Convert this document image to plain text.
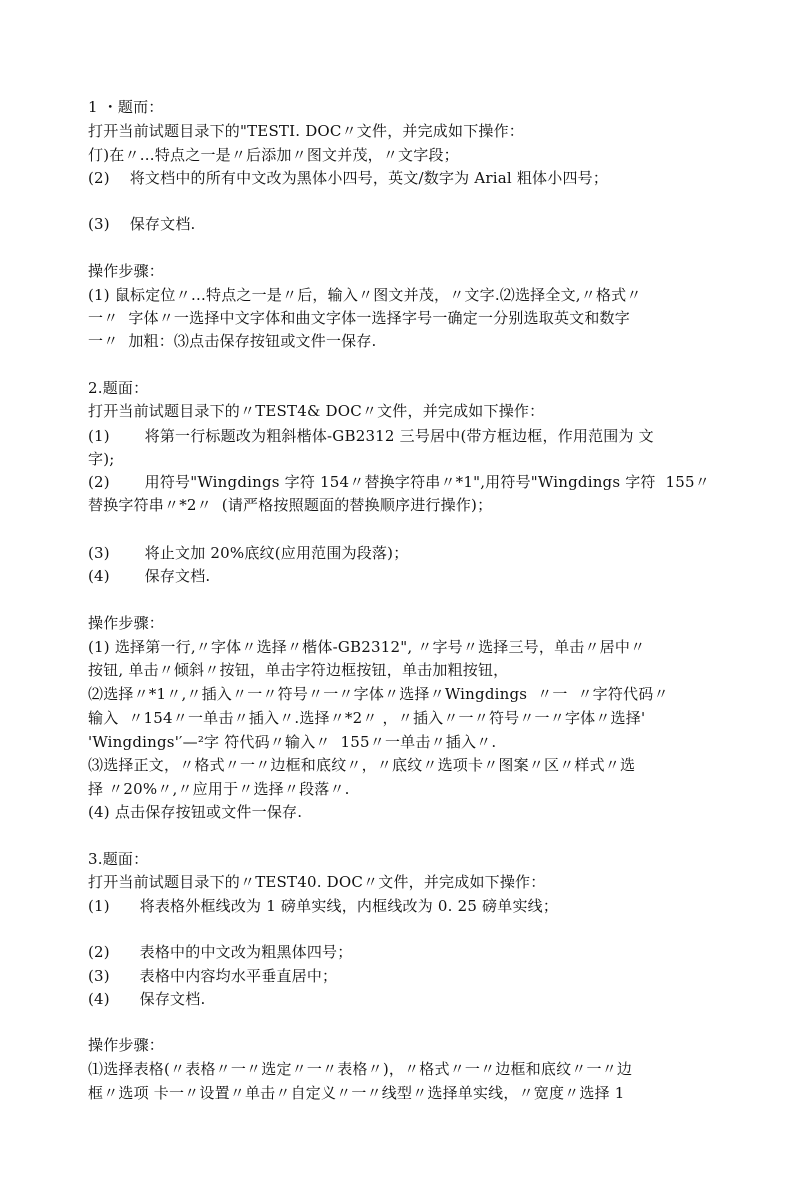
1 ・题而：
打开当前试题目录下的"TESTI. DOC〃文件，并完成如下操作：
仃)在〃…特点之一是〃后添加〃图文并茂，〃文字段；
(2)    将文档中的所有中文改为黑体小四号，英文/数字为 Arial 粗体小四号；
(3)    保存文档.
操作步骤：
(1) 鼠标定位〃…特点之一是〃后，输入〃图文并茂，〃文字.⑵选择全文,〃格式〃
一〃  字体〃一选择中文字体和曲文字体一选择字号一确定一分别选取英文和数字
一〃  加粗：⑶点击保存按钮或文件一保存.
2.题面：
打开当前试题目录下的〃TEST4& DOC〃文件，并完成如下操作：
(1)       将第一行标题改为粗斜楷体-GB2312 三号居中(带方框边框，作用范围为 文
字);
(2)       用符号"Wingdings 字符 154〃替换字符串〃*1",用符号"Wingdings 字符  155〃
替换字符串〃*2〃  (请严格按照题面的替换顺序进行操作)；
(3)       将止文加 20%底纹(应用范围为段落)；
(4)       保存文档.
操作步骤：
(1) 选择第一行,〃字体〃选择〃楷体-GB2312", 〃字号〃选择三号，单击〃居中〃
按钮, 单击〃倾斜〃按钮，单击字符边框按钮，单击加粗按钮，
⑵选择〃*1〃,〃插入〃一〃符号〃一〃字体〃选择〃Wingdings  〃一  〃字符代码〃
输入  〃154〃一单击〃插入〃.选择〃*2〃 ，〃插入〃一〃符号〃一〃字体〃选择'
'Wingdings'′—²字 符代码〃输入〃  155〃一单击〃插入〃.
⑶选择正文，〃格式〃一〃边框和底纹〃，〃底纹〃选项卡〃图案〃区〃样式〃选
择 〃20%〃,〃应用于〃选择〃段落〃.
(4) 点击保存按钮或文件一保存.
3.题面：
打开当前试题目录下的〃TEST40. DOC〃文件，并完成如下操作：
(1)      将表格外框线改为 1 磅单实线，内框线改为 0. 25 磅单实线；
(2)      表格中的中文改为粗黑体四号；
(3)      表格中内容均水平垂直居中；
(4)      保存文档.
操作步骤：
⑴选择表格(〃表格〃一〃选定〃一〃表格〃)，〃格式〃一〃边框和底纹〃一〃边
框〃选项 卡一〃设置〃单击〃自定义〃一〃线型〃选择单实线，〃宽度〃选择 1
